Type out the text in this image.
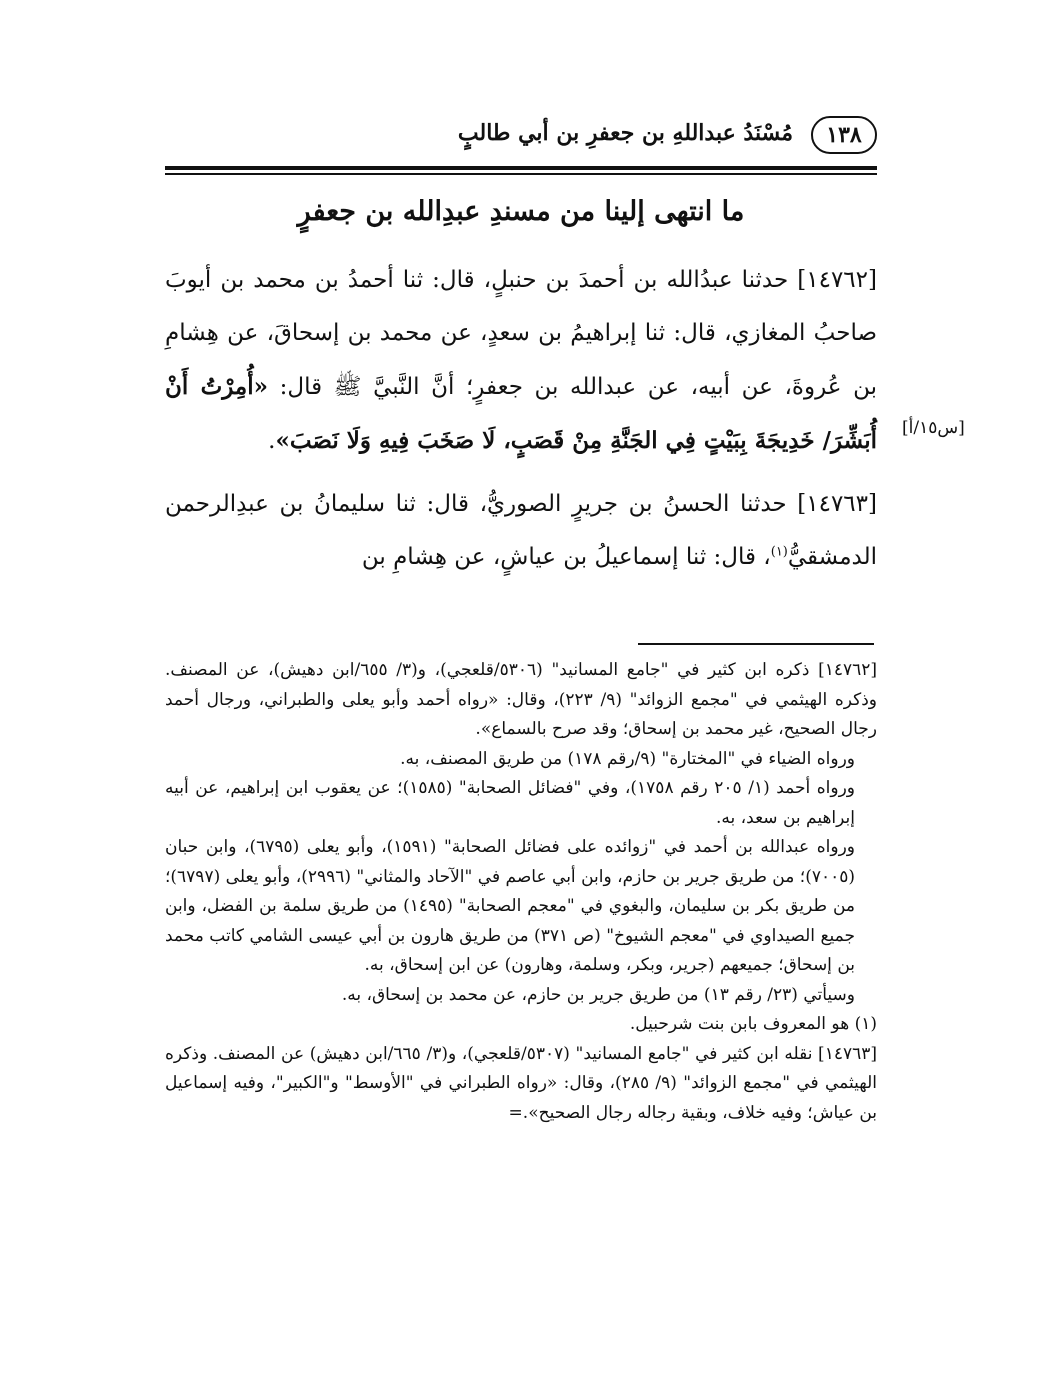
١٣٨
مُسْنَدُ عبداللهِ بن جعفرِ بن أبي طالبٍ
ما انتهى إلينا من مسندِ عبدِالله بن جعفرٍ

[١٤٧٦٢] حدثنا عبدُالله بن أحمدَ بن حنبلٍ، قال: ثنا أحمدُ بن محمد بن أيوبَ صاحبُ المغازي، قال: ثنا إبراهيمُ بن سعدٍ، عن محمد بن إسحاقَ، عن هِشامِ بن عُروةَ، عن أبيه، عن عبدالله بن جعفرٍ؛ أنَّ النَّبيَّ ﷺ قال: «أُمِرْتُ أَنْ أُبَشِّرَ/ خَدِيجَةَ بِبَيْتٍ فِي الجَنَّةِ مِنْ قَصَبٍ، لَا صَخَبَ فِيهِ وَلَا نَصَبَ».

[١٤٧٦٣] حدثنا الحسنُ بن جريرٍ الصوريُّ، قال: ثنا سليمانُ بن عبدِالرحمن الدمشقيُّ$^{(١)}$، قال: ثنا إسماعيلُ بن عياشٍ، عن هِشامِ بن

[س١٥/أ]

[١٤٧٦٢] ذكره ابن كثير في "جامع المسانيد" (٥٣٠٦/قلعجي)، و(٣/ ٦٥٥/ابن دهيش)، عن المصنف. وذكره الهيثمي في "مجمع الزوائد" (٩/ ٢٢٣)، وقال: «رواه أحمد وأبو يعلى والطبراني، ورجال أحمد رجال الصحيح، غير محمد بن إسحاق؛ وقد صرح بالسماع».

ورواه الضياء في "المختارة" (٩/رقم ١٧٨) من طريق المصنف، به.

ورواه أحمد (١/ ٢٠٥ رقم ١٧٥٨)، وفي "فضائل الصحابة" (١٥٨٥)؛ عن يعقوب ابن إبراهيم، عن أبيه إبراهيم بن سعد، به.

ورواه عبدالله بن أحمد في "زوائده على فضائل الصحابة" (١٥٩١)، وأبو يعلى (٦٧٩٥)، وابن حبان (٧٠٠٥)؛ من طريق جرير بن حازم، وابن أبي عاصم في "الآحاد والمثاني" (٢٩٩٦)، وأبو يعلى (٦٧٩٧)؛ من طريق بكر بن سليمان، والبغوي في "معجم الصحابة" (١٤٩٥) من طريق سلمة بن الفضل، وابن جميع الصيداوي في "معجم الشيوخ" (ص ٣٧١) من طريق هارون بن أبي عيسى الشامي كاتب محمد بن إسحاق؛ جميعهم (جرير، وبكر، وسلمة، وهارون) عن ابن إسحاق، به.

وسيأتي (٢٣/ رقم ١٣) من طريق جرير بن حازم، عن محمد بن إسحاق، به.

(١) هو المعروف بابن بنت شرحبيل.

[١٤٧٦٣] نقله ابن كثير في "جامع المسانيد" (٥٣٠٧/قلعجي)، و(٣/ ٦٦٥/ابن دهيش) عن المصنف. وذكره الهيثمي في "مجمع الزوائد" (٩/ ٢٨٥)، وقال: «رواه الطبراني في "الأوسط" و"الكبير"، وفيه إسماعيل بن عياش؛ وفيه خلاف، وبقية رجاله رجال الصحيح».=
